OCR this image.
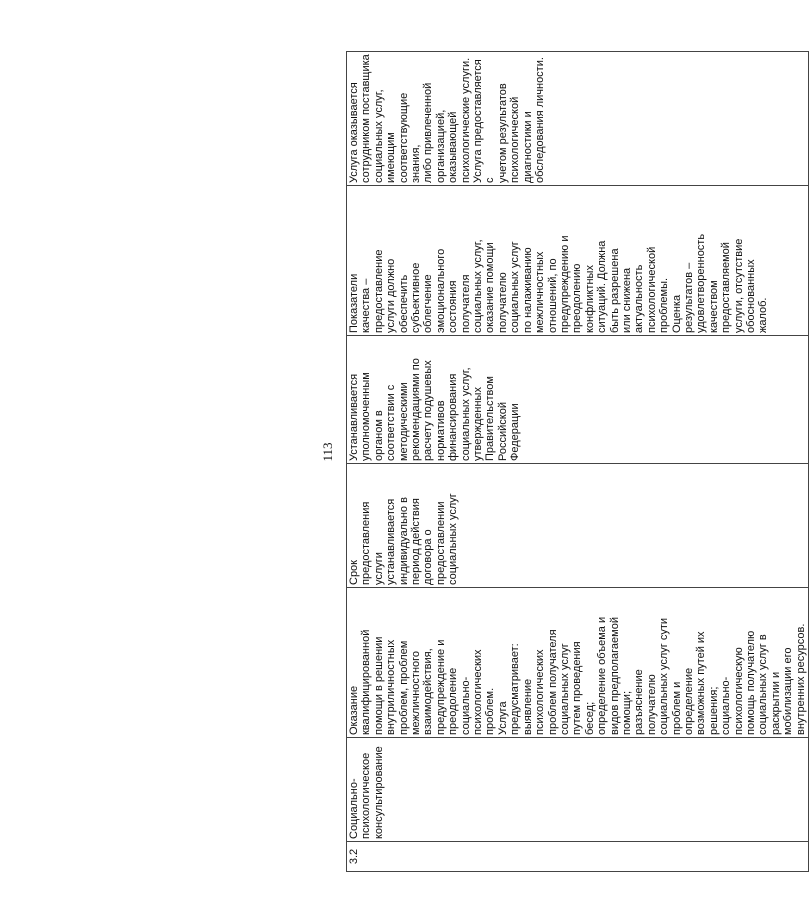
113
3.2	Социально-
психологическое
консультирование	Оказание
квалифицированной
помощи в решении
внутриличностных
проблем, проблем
межличностного
взаимодействия,
предупреждение и
преодоление
социально-
психологических
проблем.
Услуга
предусматривает:
выявление
психологических
проблем получателя
социальных услуг
путем проведения
бесед;
определение объема и
видов предполагаемой
помощи;
разъяснение
получателю
социальных услуг сути
проблем и
определение
возможных путей их
решения;
социально-
психологическую
помощь получателю
социальных услуг в
раскрытии и
мобилизации его
внутренних ресурсов.	Срок
предоставления
услуги
устанавливается
индивидуально в
период действия
договора о
предоставлении
социальных услуг	Устанавливается
уполномоченным
органом в
соответствии с
методическими
рекомендациями по
расчету подушевых
нормативов
финансирования
социальных услуг,
утвержденных
Правительством
Российской
Федерации	Показатели
качества –
предоставление
услуги должно
обеспечить
субъективное
облегчение
эмоционального
состояния
получателя
социальных услуг,
оказание помощи
получателю
социальных услуг
по налаживанию
межличностных
отношений, по
предупреждению и
преодолению
конфликтных
ситуаций. Должна
быть разрешена
или снижена
актуальность
психологической
проблемы.
Оценка
результатов –
удовлетворенность
качеством
предоставляемой
услуги, отсутствие
обоснованных
жалоб.	Услуга оказывается
сотрудником поставщика
социальных услуг,
имеющим
соответствующие знания,
либо привлеченной
организацией,
оказывающей
психологические услуги.
Услуга предоставляется с
учетом результатов
психологической
диагностики и
обследования личности.
